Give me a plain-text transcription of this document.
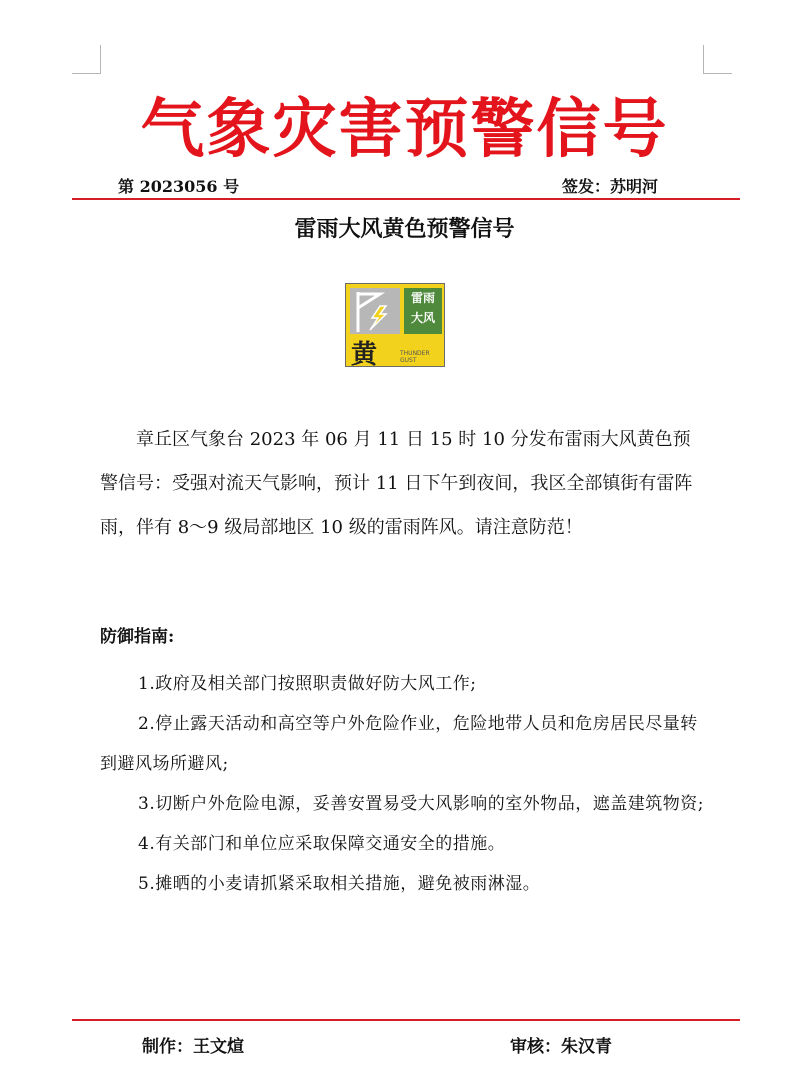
气象灾害预警信号
第 2023056 号	签发：苏明河
雷雨大风黄色预警信号
雷雨
大风
黄	THUNDER GUST
章丘区气象台 2023 年 06 月 11 日 15 时 10 分发布雷雨大风黄色预警信号：受强对流天气影响，预计 11 日下午到夜间，我区全部镇街有雷阵雨，伴有 8～9 级局部地区 10 级的雷雨阵风。请注意防范！
防御指南:
1.政府及相关部门按照职责做好防大风工作;
2.停止露天活动和高空等户外危险作业，危险地带人员和危房居民尽量转到避风场所避风;
3.切断户外危险电源，妥善安置易受大风影响的室外物品，遮盖建筑物资;
4.有关部门和单位应采取保障交通安全的措施。
5.摊晒的小麦请抓紧采取相关措施，避免被雨淋湿。
制作：王文煊	审核：朱汉青
